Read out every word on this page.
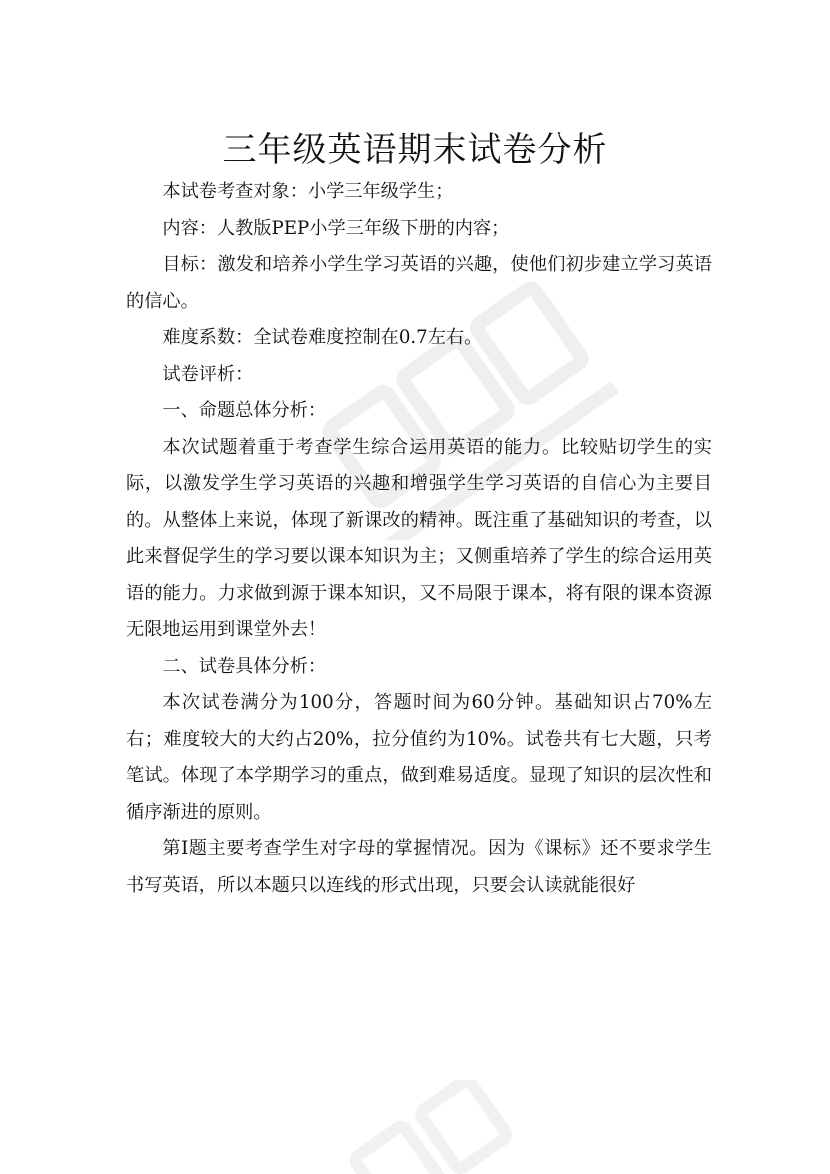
三年级英语期末试卷分析

本试卷考查对象：小学三年级学生；

内容：人教版PEP小学三年级下册的内容；

目标：激发和培养小学生学习英语的兴趣，使他们初步建立学习英语的信心。

难度系数：全试卷难度控制在0.7左右。

试卷评析：

一、命题总体分析：

本次试题着重于考查学生综合运用英语的能力。比较贴切学生的实际，以激发学生学习英语的兴趣和增强学生学习英语的自信心为主要目的。从整体上来说，体现了新课改的精神。既注重了基础知识的考查，以此来督促学生的学习要以课本知识为主；又侧重培养了学生的综合运用英语的能力。力求做到源于课本知识，又不局限于课本，将有限的课本资源无限地运用到课堂外去！

二、试卷具体分析：

本次试卷满分为100分，答题时间为60分钟。基础知识占70%左右；难度较大的大约占20%，拉分值约为10%。试卷共有七大题，只考笔试。体现了本学期学习的重点，做到难易适度。显现了知识的层次性和循序渐进的原则。

第Ⅰ题主要考查学生对字母的掌握情况。因为《课标》还不要求学生书写英语，所以本题只以连线的形式出现，只要会认读就能很好
